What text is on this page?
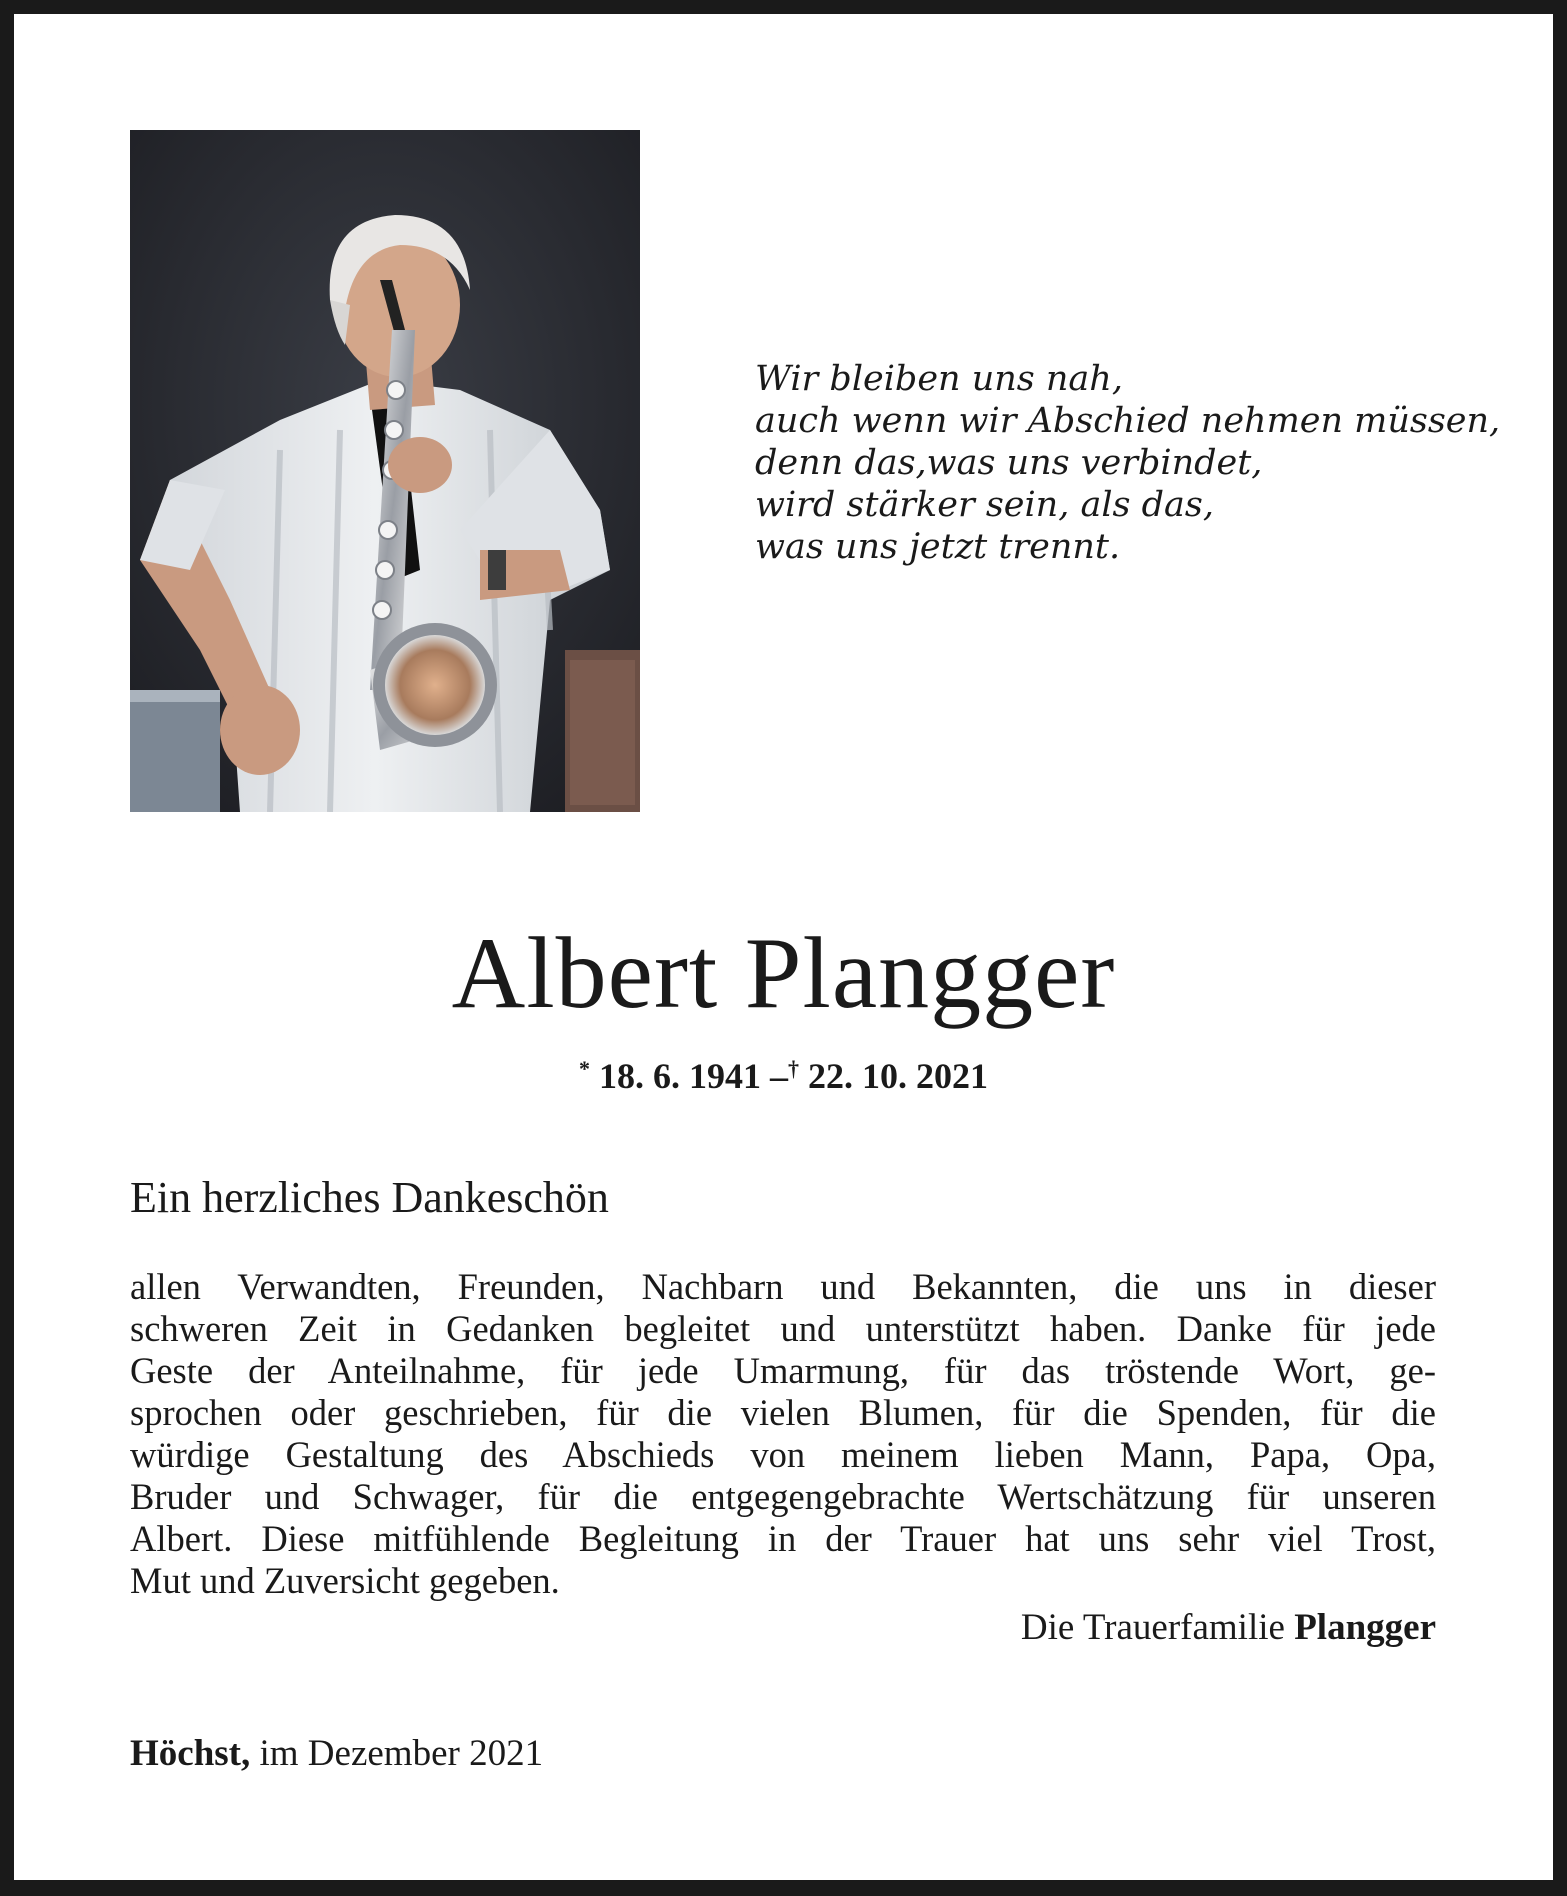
Wir bleiben uns nah,
auch wenn wir Abschied nehmen müssen,
denn das,was uns verbindet,
wird stärker sein, als das,
was uns jetzt trennt.
Albert Plangger
* 18. 6. 1941 –† 22. 10. 2021
Ein herzliches Dankeschön
allen Verwandten, Freunden, Nachbarn und Bekannten, die uns in dieser
schweren Zeit in Gedanken begleitet und unterstützt haben. Danke für jede
Geste der Anteilnahme, für jede Umarmung, für das tröstende Wort, ge-
sprochen oder geschrieben, für die vielen Blumen, für die Spenden, für die
würdige Gestaltung des Abschieds von meinem lieben Mann, Papa, Opa,
Bruder und Schwager, für die entgegengebrachte Wertschätzung für unseren
Albert. Diese mitfühlende Begleitung in der Trauer hat uns sehr viel Trost,
Mut und Zuversicht gegeben.
Die Trauerfamilie Plangger
Höchst, im Dezember 2021
